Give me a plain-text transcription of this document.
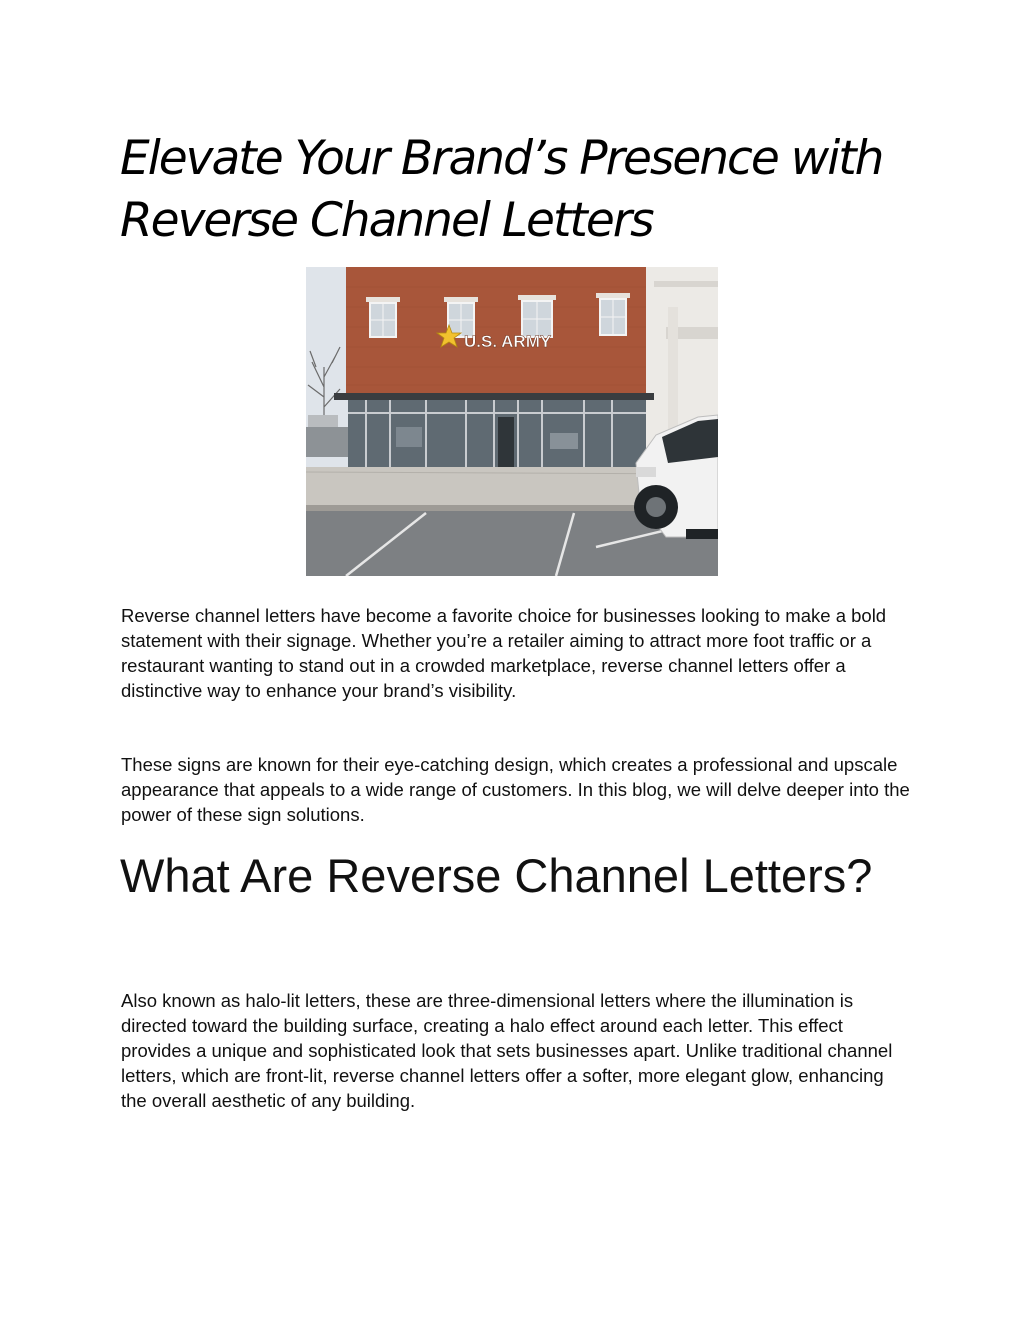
Elevate Your Brand’s Presence with Reverse Channel Letters
U.S. ARMY

Reverse channel letters have become a favorite choice for businesses looking to make a bold statement with their signage. Whether you’re a retailer aiming to attract more foot traffic or a restaurant wanting to stand out in a crowded marketplace, reverse channel letters offer a distinctive way to enhance your brand’s visibility.

These signs are known for their eye-catching design, which creates a professional and upscale appearance that appeals to a wide range of customers. In this blog, we will delve deeper into the power of these sign solutions.

What Are Reverse Channel Letters?

Also known as halo-lit letters, these are three-dimensional letters where the illumination is directed toward the building surface, creating a halo effect around each letter. This effect provides a unique and sophisticated look that sets businesses apart. Unlike traditional channel letters, which are front-lit, reverse channel letters offer a softer, more elegant glow, enhancing the overall aesthetic of any building.
